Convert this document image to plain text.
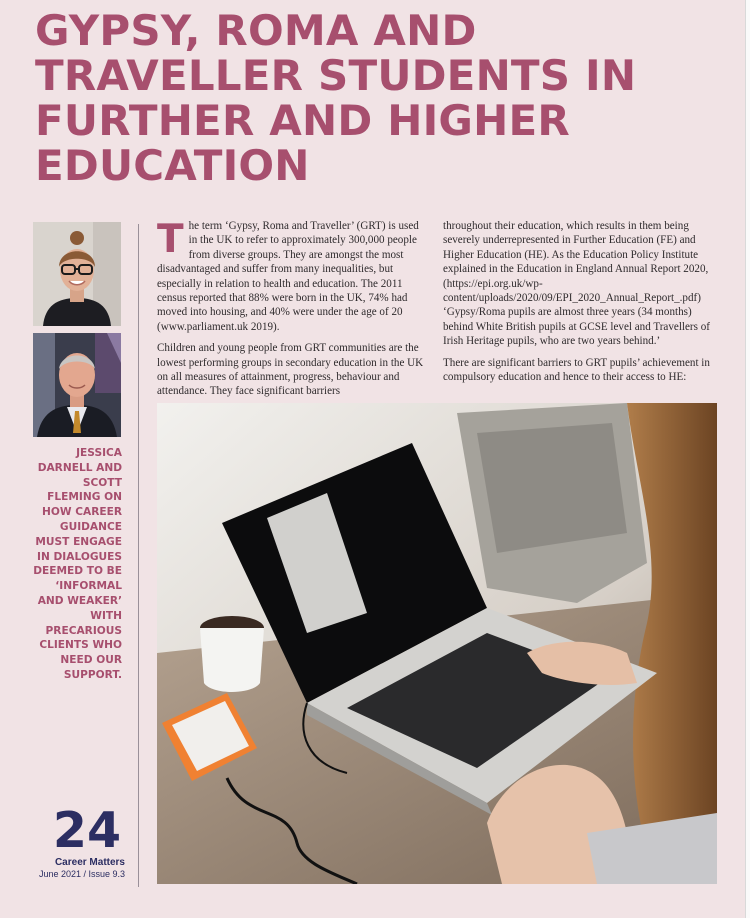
GYPSY, ROMA AND
TRAVELLER STUDENTS IN
FURTHER AND HIGHER
EDUCATION

JESSICA DARNELL AND SCOTT FLEMING ON HOW CAREER GUIDANCE MUST ENGAGE IN DIALOGUES DEEMED TO BE ‘INFORMAL AND WEAKER’ WITH PRECARIOUS CLIENTS WHO NEED OUR SUPPORT.

The term ‘Gypsy, Roma and Traveller’ (GRT) is used in the UK to refer to approximately 300,000 people from diverse groups. They are amongst the most disadvantaged and suffer from many inequalities, but especially in relation to health and education. The 2011 census reported that 88% were born in the UK, 74% had moved into housing, and 40% were under the age of 20 (www.parliament.uk 2019).

Children and young people from GRT communities are the lowest performing groups in secondary education in the UK on all measures of attainment, progress, behaviour and attendance. They face significant barriers

throughout their education, which results in them being severely underrepresented in Further Education (FE) and Higher Education (HE). As the Education Policy Institute explained in the Education in England Annual Report 2020, (https://epi.org.uk/wp-content/uploads/2020/09/EPI_2020_Annual_Report_.pdf) ‘Gypsy/Roma pupils are almost three years (34 months) behind White British pupils at GCSE level and Travellers of Irish Heritage pupils, who are two years behind.’

There are significant barriers to GRT pupils’ achievement in compulsory education and hence to their access to HE:

24
Career Matters
June 2021 / Issue 9.3
